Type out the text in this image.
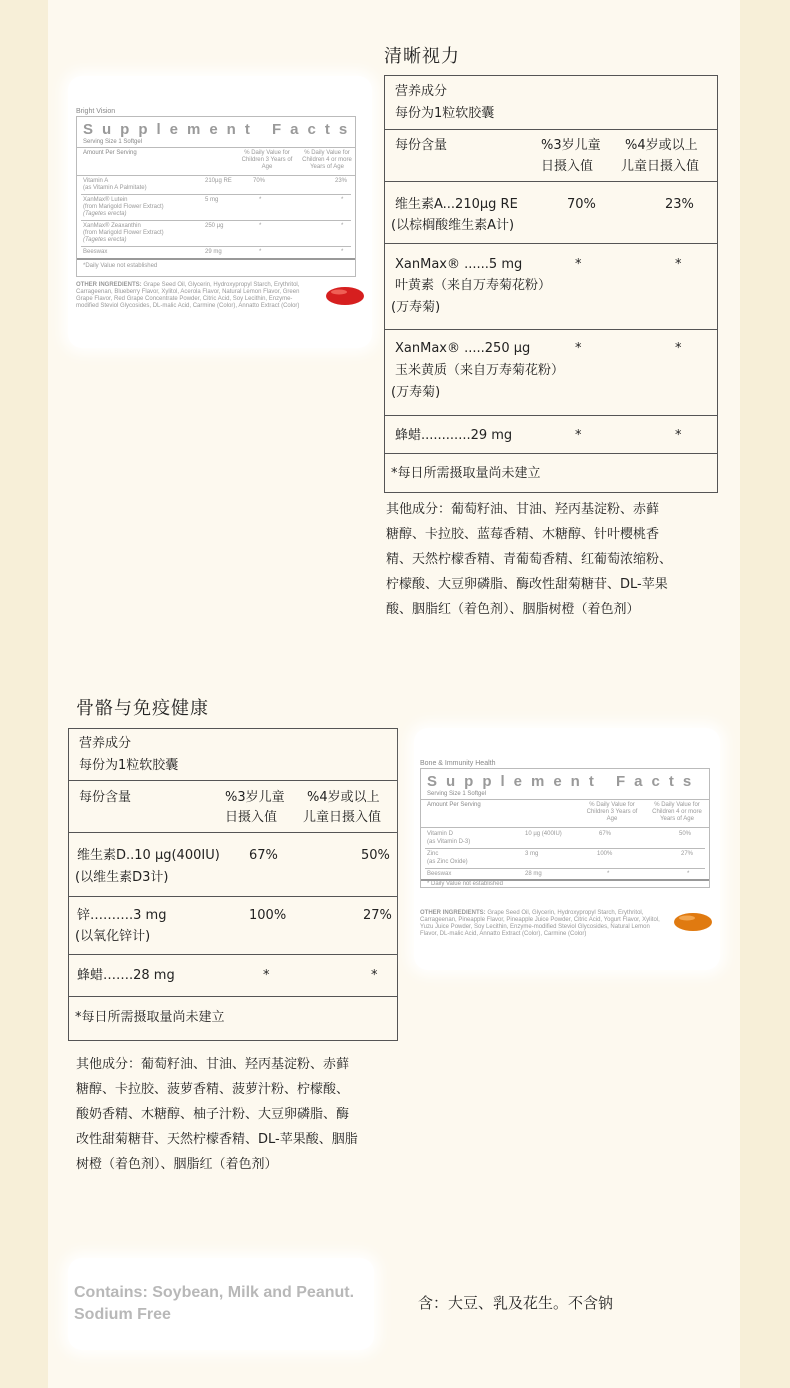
清晰视力
Bright Vision
Supplement Facts
Serving Size 1 Softgel
Amount Per Serving	% Daily Value for Children 3 Years of Age
% Daily Value for Children 4 or more Years of Age
Vitamin A
(as Vitamin A Palmitate)
210µg RE	70%	23%
XanMax® Lutein
(from Marigold Flower Extract)
(Tagetes erecta)
5 mg	*	*
XanMax® Zeaxanthin
(from Marigold Flower Extract)
(Tagetes erecta)
250 µg	*	*
Beeswax	29 mg	*	*
*Daily Value not established
OTHER INGREDIENTS: Grape Seed Oil, Glycerin, Hydroxypropyl Starch, Erythritol, Carrageenan, Blueberry Flavor, Xylitol, Acerola Flavor, Natural Lemon Flavor, Green Grape Flavor, Red Grape Concentrate Powder, Citric Acid, Soy Lecithin, Enzyme-modified Steviol Glycosides, DL-malic Acid, Carmine (Color), Annatto Extract (Color)
营养成分
每份为1粒软胶囊
每份含量	%3岁儿童
日摄入值
%4岁或以上
儿童日摄入值
维生素A...210μg RE
(以棕榈酸维生素A计)
70%	23%
XanMax® ......5 mg
叶黄素（来自万寿菊花粉）
(万寿菊)
*	*
XanMax® .....250 μg
玉米黄质（来自万寿菊花粉）
(万寿菊)
*	*
蜂蜡............29 mg	*	*
*每日所需摄取量尚未建立
其他成分：葡萄籽油、甘油、羟丙基淀粉、赤藓
糖醇、卡拉胶、蓝莓香精、木糖醇、针叶樱桃香
精、天然柠檬香精、青葡萄香精、红葡萄浓缩粉、
柠檬酸、大豆卵磷脂、酶改性甜菊糖苷、DL-苹果
酸、胭脂红（着色剂）、胭脂树橙（着色剂）
骨骼与免疫健康
营养成分
每份为1粒软胶囊
每份含量	%3岁儿童
日摄入值
%4岁或以上
儿童日摄入值
维生素D..10 μg(400IU)
(以维生素D3计)
67%	50%
锌……….3 mg
(以氧化锌计)
100%	27%
蜂蜡…….28 mg	*	*
*每日所需摄取量尚未建立
其他成分：葡萄籽油、甘油、羟丙基淀粉、赤藓
糖醇、卡拉胶、菠萝香精、菠萝汁粉、柠檬酸、
酸奶香精、木糖醇、柚子汁粉、大豆卵磷脂、酶
改性甜菊糖苷、天然柠檬香精、DL-苹果酸、胭脂
树橙（着色剂）、胭脂红（着色剂）
Bone & Immunity Health
Supplement Facts
Serving Size 1 Softgel
Amount Per Serving	% Daily Value for Children 3 Years of Age
% Daily Value for Children 4 or more Years of Age
Vitamin D
(as Vitamin D-3)
10 µg (400IU)	67%	50%
Zinc
(as Zinc Oxide)
3 mg	100%	27%
Beeswax	28 mg	*	*
* Daily Value not established
OTHER INGREDIENTS: Grape Seed Oil, Glycerin, Hydroxypropyl Starch, Erythritol, Carrageenan, Pineapple Flavor, Pineapple Juice Powder, Citric Acid, Yogurt Flavor, Xylitol, Yuzu Juice Powder, Soy Lecithin, Enzyme-modified Steviol Glycosides, Natural Lemon Flavor, DL-malic Acid, Annatto Extract (Color), Carmine (Color)
Contains: Soybean, Milk and Peanut.
Sodium Free
含：大豆、乳及花生。不含钠
